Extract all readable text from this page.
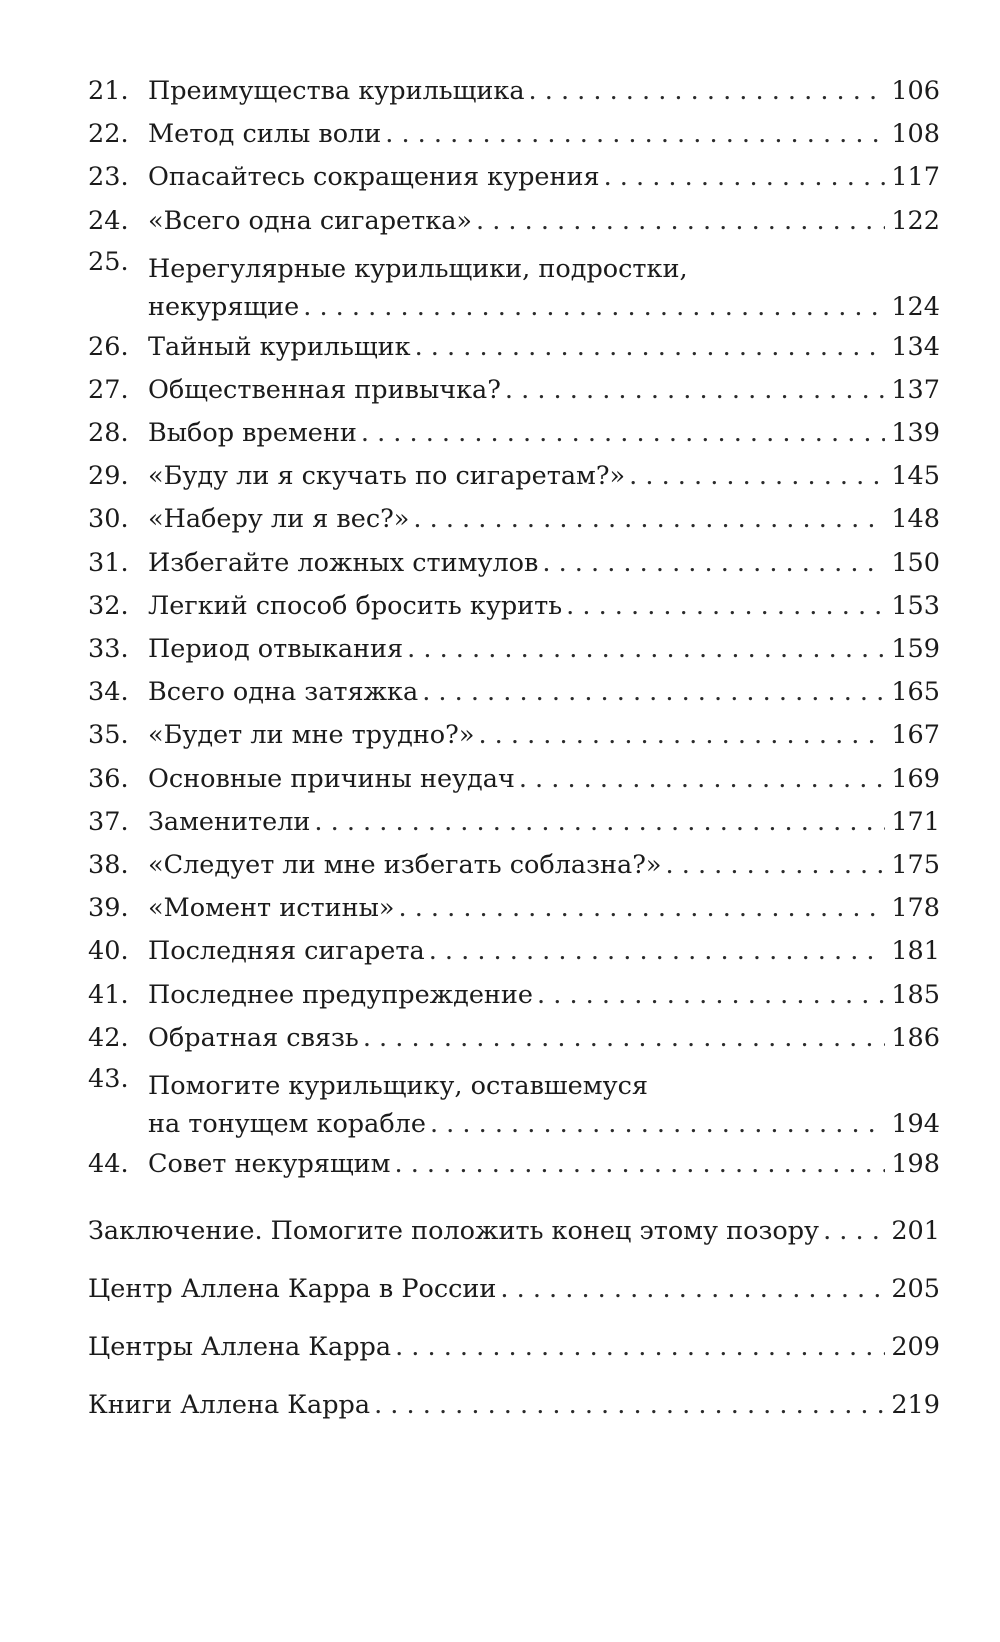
21. Преимущества курильщика . . .	106
22. Метод силы воли . . .	108
23. Опасайтесь сокращения курения . . .	117
24. «Всего одна сигаретка» . . .	122
25. Нерегулярные курильщики, подростки,
некурящие . . .	124
26. Тайный курильщик . . .	134
27. Общественная привычка? . . .	137
28. Выбор времени . . .	139
29. «Буду ли я скучать по сигаретам?» . . .	145
30. «Наберу ли я вес?» . . .	148
31. Избегайте ложных стимулов . . .	150
32. Легкий способ бросить курить . . .	153
33. Период отвыкания . . .	159
34. Всего одна затяжка . . .	165
35. «Будет ли мне трудно?» . . .	167
36. Основные причины неудач . . .	169
37. Заменители . . .	171
38. «Следует ли мне избегать соблазна?» . . .	175
39. «Момент истины» . . .	178
40. Последняя сигарета . . .	181
41. Последнее предупреждение . . .	185
42. Обратная связь . . .	186
43. Помогите курильщику, оставшемуся
на тонущем корабле . . .	194
44. Совет некурящим . . .	198
Заключение. Помогите положить конец этому позору . . .	201
Центр Аллена Карра в России . . .	205
Центры Аллена Карра . . .	209
Книги Аллена Карра . . .	219
